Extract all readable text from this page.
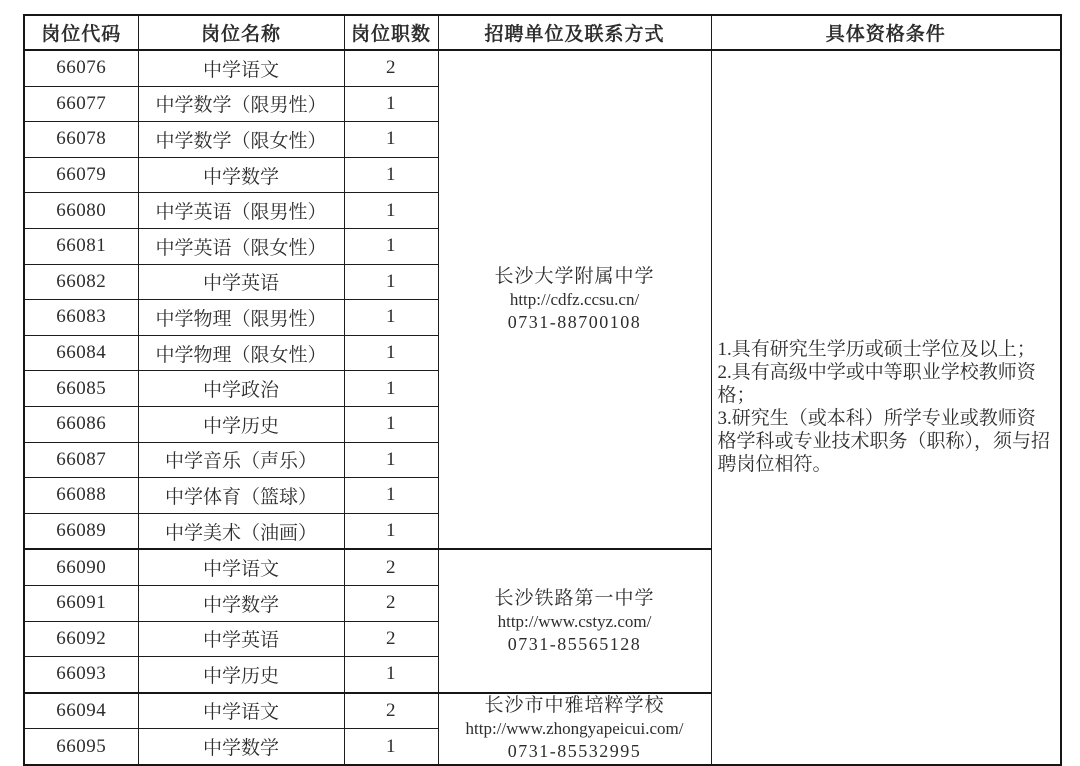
岗位代码	岗位名称	岗位职数	招聘单位及联系方式	具体资格条件
66076	中学语文	2	
长沙大学附属中学
http://cdfz.ccsu.cn/
0731-88700108

1.具有研究生学历或硕士学位及以上；

2.具有高级中学或中等职业学校教师资格；

3.研究生（或本科）所学专业或教师资格学科或专业技术职务（职称），须与招聘岗位相符。

66077	中学数学（限男性）	1		
66078	中学数学（限女性）	1		
66079	中学数学	1		
66080	中学英语（限男性）	1		
66081	中学英语（限女性）	1		
66082	中学英语	1		
66083	中学物理（限男性）	1		
66084	中学物理（限女性）	1		
66085	中学政治	1		
66086	中学历史	1		
66087	中学音乐（声乐）	1		
66088	中学体育（篮球）	1		
66089	中学美术（油画）	1		
66090	中学语文	2	长沙铁路第一中学
http://www.cstyz.com/
0731-85565128	

66091	中学数学	2		
66092	中学英语	2		
66093	中学历史	1		
66094	中学语文	2	长沙市中雅培粹学校
http://www.zhongyapeicui.com/
0731-85532995	

66095	中学数学	1		
